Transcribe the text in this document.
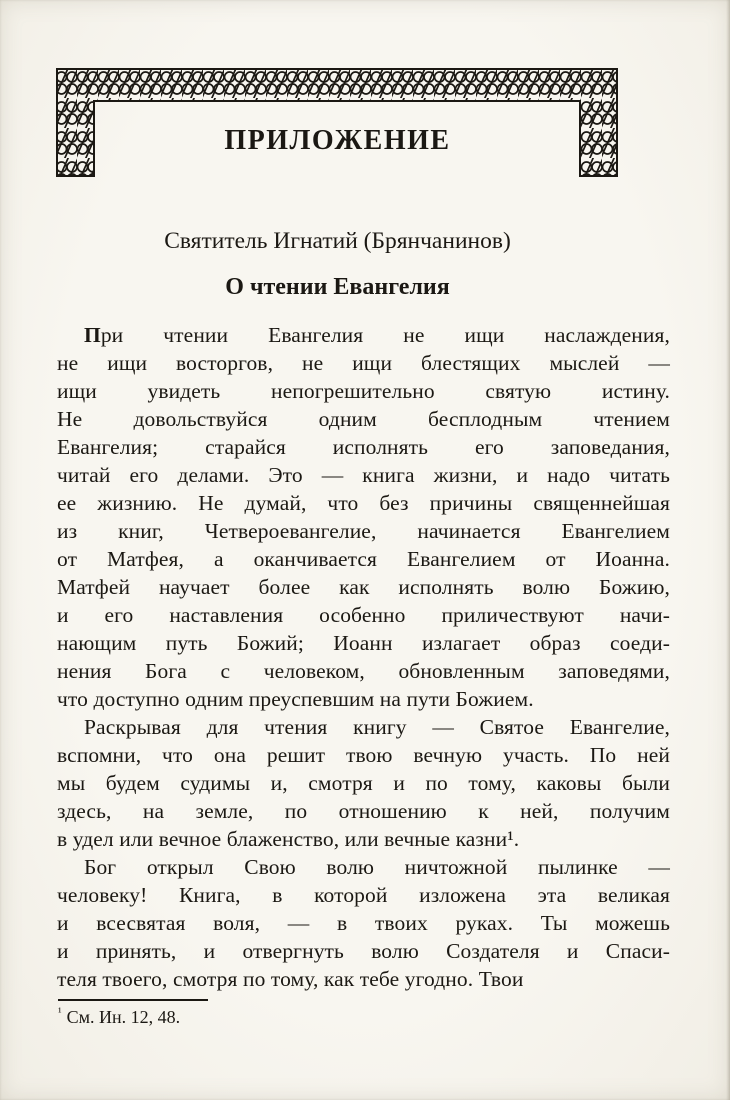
ПРИЛОЖЕНИЕ
Святитель Игнатий (Брянчанинов)
О чтении Евангелия
При чтении Евангелия не ищи наслаждения,
не ищи восторгов, не ищи блестящих мыслей —
ищи увидеть непогрешительно святую истину.
Не довольствуйся одним бесплодным чтением
Евангелия; старайся исполнять его заповедания,
читай его делами. Это — книга жизни, и надо читать
ее жизнию. Не думай, что без причины священнейшая
из книг, Четвероевангелие, начинается Евангелием
от Матфея, а оканчивается Евангелием от Иоанна.
Матфей научает более как исполнять волю Божию,
и его наставления особенно приличествуют начи-
нающим путь Божий; Иоанн излагает образ соеди-
нения Бога с человеком, обновленным заповедями,
что доступно одним преуспевшим на пути Божием.
Раскрывая для чтения книгу — Святое Евангелие,
вспомни, что она решит твою вечную участь. По ней
мы будем судимы и, смотря и по тому, каковы были
здесь, на земле, по отношению к ней, получим
в удел или вечное блаженство, или вечные казни¹.
Бог открыл Свою волю ничтожной пылинке —
человеку! Книга, в которой изложена эта великая
и всесвятая воля, — в твоих руках. Ты можешь
и принять, и отвергнуть волю Создателя и Спаси-
теля твоего, смотря по тому, как тебе угодно. Твои
$^{^1}$ См. Ин. 12, 48.
